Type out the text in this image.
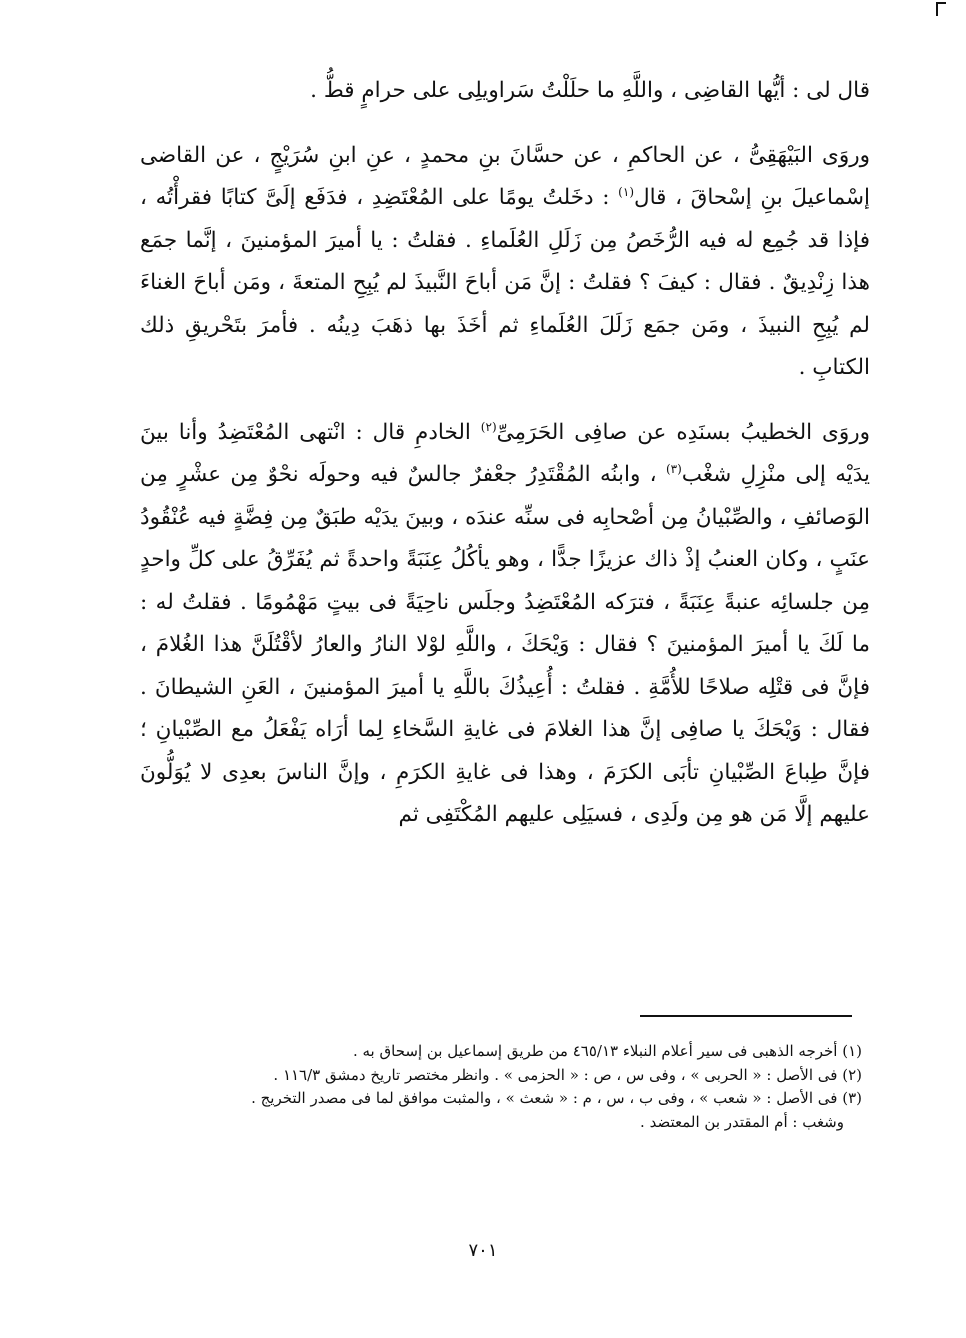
قال لى : أيُّها القاضِى ، واللَّهِ ما حلَلْتُ سَراويلِى على حرامٍ قطُّ .

وروَى البَيْهَقِىُّ ، عن الحاكمِ ، عن حسَّانَ بنِ محمدٍ ، عنِ ابنِ سُرَيْجٍ ، عن القاضى إسْماعيلَ بنِ إسْحاقَ ، قال$^{(١)}$ : دخَلتُ يومًا على المُعْتَضِدِ ، فدَفَع إلَىَّ كتابًا فقرأْتُه ، فإذا قد جُمِع له فيه الرُّخَصُ مِن زَلَلِ العُلَماءِ . فقلتُ : يا أميرَ المؤمنينَ ، إنَّما جمَع هذا زِنْدِيقٌ . فقال : كيفَ ؟ فقلتُ : إنَّ مَن أباحَ النَّبيذَ لم يُبِحِ المتعةَ ، ومَن أباحَ الغناءَ لم يُبِحِ النبيذَ ، ومَن جمَع زَلَلَ العُلَماءِ ثم أخَذَ بها ذهَبَ دِينُه . فأمرَ بتَحْريقِ ذلك الكتابِ .

وروَى الخطيبُ بسنَدِه عن صافِى الحَرَمِىِّ$^{(٢)}$ الخادمِ قال : انْتهى المُعْتَضِدُ وأنا بينَ يدَيْه إلى منْزِلِ شغْب$^{(٣)}$ ، وابنُه المُقْتَدِرُ جعْفرٌ جالسٌ فيه وحولَه نحْوٌ مِن عشْرٍ مِن الوَصائفِ ، والصِّبْيانُ مِن أصْحابِه فى سنِّه عندَه ، وبينَ يدَيْه طبَقٌ مِن فِضَّةٍ فيه عُنْقُودُ عنَبٍ ، وكان العنبُ إذْ ذاك عزيزًا جدًّا ، وهو يأكُلُ عِنَبَةً واحدةً ثم يُفَرِّقُ على كلِّ واحدٍ مِن جلسائِه عنبةً عِنَبَةً ، فترَكه المُعْتَضِدُ وجلَس ناحِيَةً فى بيتٍ مَهْمُومًا . فقلتُ له : ما لَكَ يا أميرَ المؤمنينَ ؟ فقال : وَيْحَكَ ، واللَّهِ لوْلا النارُ والعارُ لأقْتُلَنَّ هذا الغُلامَ ، فإنَّ فى قتْلِه صلاحًا للأُمَّةِ . فقلتُ : أُعِيذُكَ باللَّهِ يا أميرَ المؤمنينَ ، العَنِ الشيطانَ . فقال : وَيْحَكَ يا صافِى إنَّ هذا الغلامَ فى غايةِ السَّخاءِ لِما أرَاه يَفْعَلُ مع الصِّبْيانِ ؛ فإنَّ طِباعَ الصِّبْيانِ تأبَى الكرَمَ ، وهذا فى غايةِ الكرَمِ ، وإنَّ الناسَ بعدِى لا يُوَلُّونَ عليهم إلَّا مَن هو مِن ولَدِى ، فسيَلِى عليهم المُكْتَفِى ثم

(١) أخرجه الذهبى فى سير أعلام النبلاء ٤٦٥/١٣ من طريق إسماعيل بن إسحاق به .

(٢) فى الأصل : « الحربى » ، وفى س ، ص : « الحزمى » . وانظر مختصر تاريخ دمشق ١١٦/٣ .

(٣) فى الأصل : « شعب » ، وفى ب ، س ، م : « شعث » ، والمثبت موافق لما فى مصدر التخريج .

وشغب : أم المقتدر بن المعتضد .

٧٠١
